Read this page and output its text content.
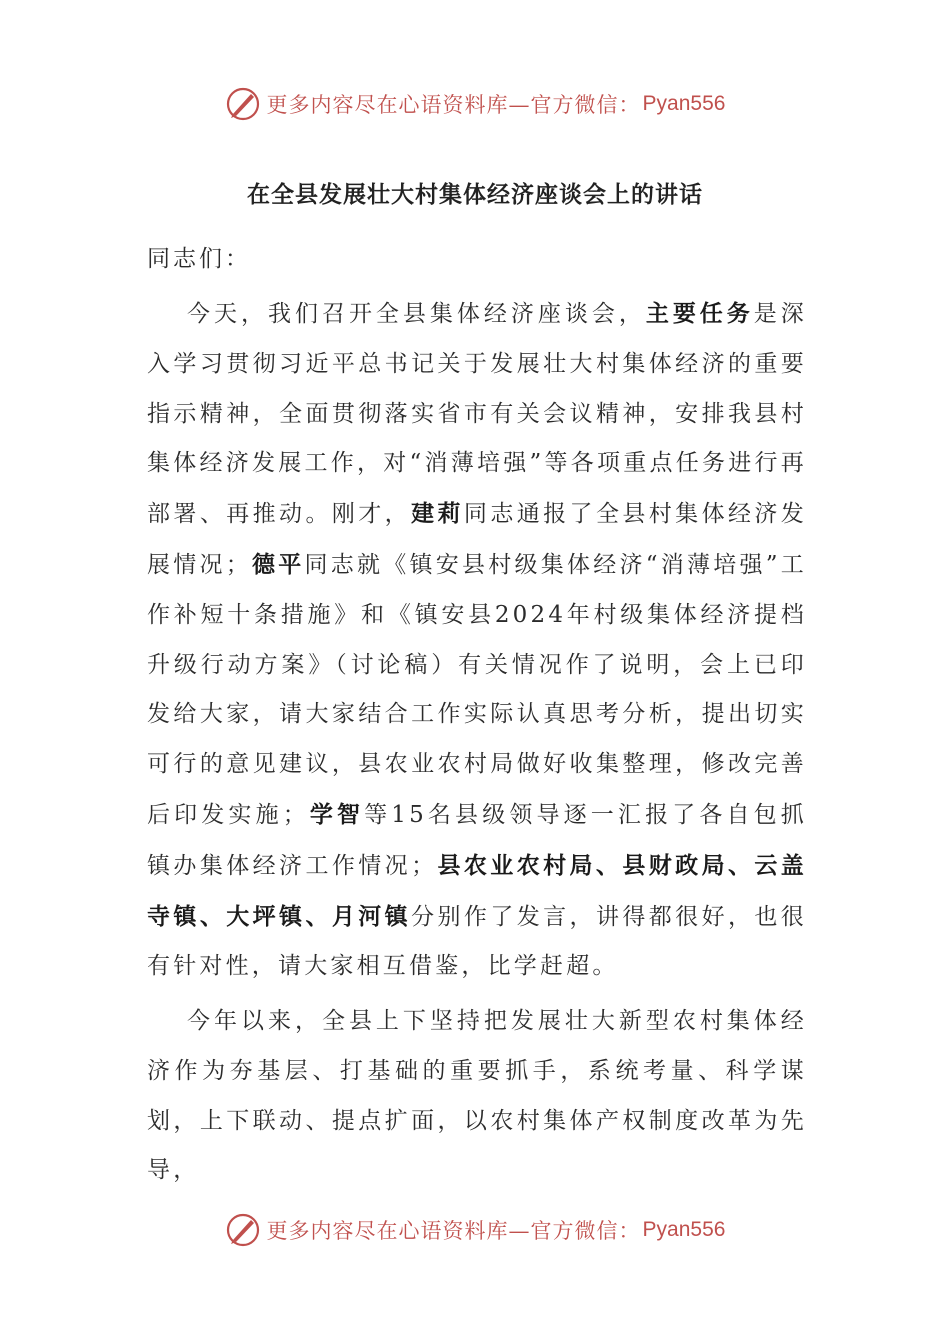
更多内容尽在心语资料库—官方微信： Pyan556
在全县发展壮大村集体经济座谈会上的讲话
同志们：

今天，我们召开全县集体经济座谈会，主要任务是深入学习贯彻习近平总书记关于发展壮大村集体经济的重要指示精神，全面贯彻落实省市有关会议精神，安排我县村集体经济发展工作，对“消薄培强”等各项重点任务进行再部署、再推动。刚才，建莉同志通报了全县村集体经济发展情况；德平同志就《镇安县村级集体经济“消薄培强”工作补短十条措施》和《镇安县2024年村级集体经济提档升级行动方案》（讨论稿）有关情况作了说明，会上已印发给大家，请大家结合工作实际认真思考分析，提出切实可行的意见建议，县农业农村局做好收集整理，修改完善后印发实施；学智等15名县级领导逐一汇报了各自包抓镇办集体经济工作情况；县农业农村局、县财政局、云盖寺镇、大坪镇、月河镇分别作了发言，讲得都很好，也很有针对性，请大家相互借鉴，比学赶超。

今年以来，全县上下坚持把发展壮大新型农村集体经济作为夯基层、打基础的重要抓手，系统考量、科学谋划，上下联动、提点扩面，以农村集体产权制度改革为先导，

更多内容尽在心语资料库—官方微信： Pyan556
